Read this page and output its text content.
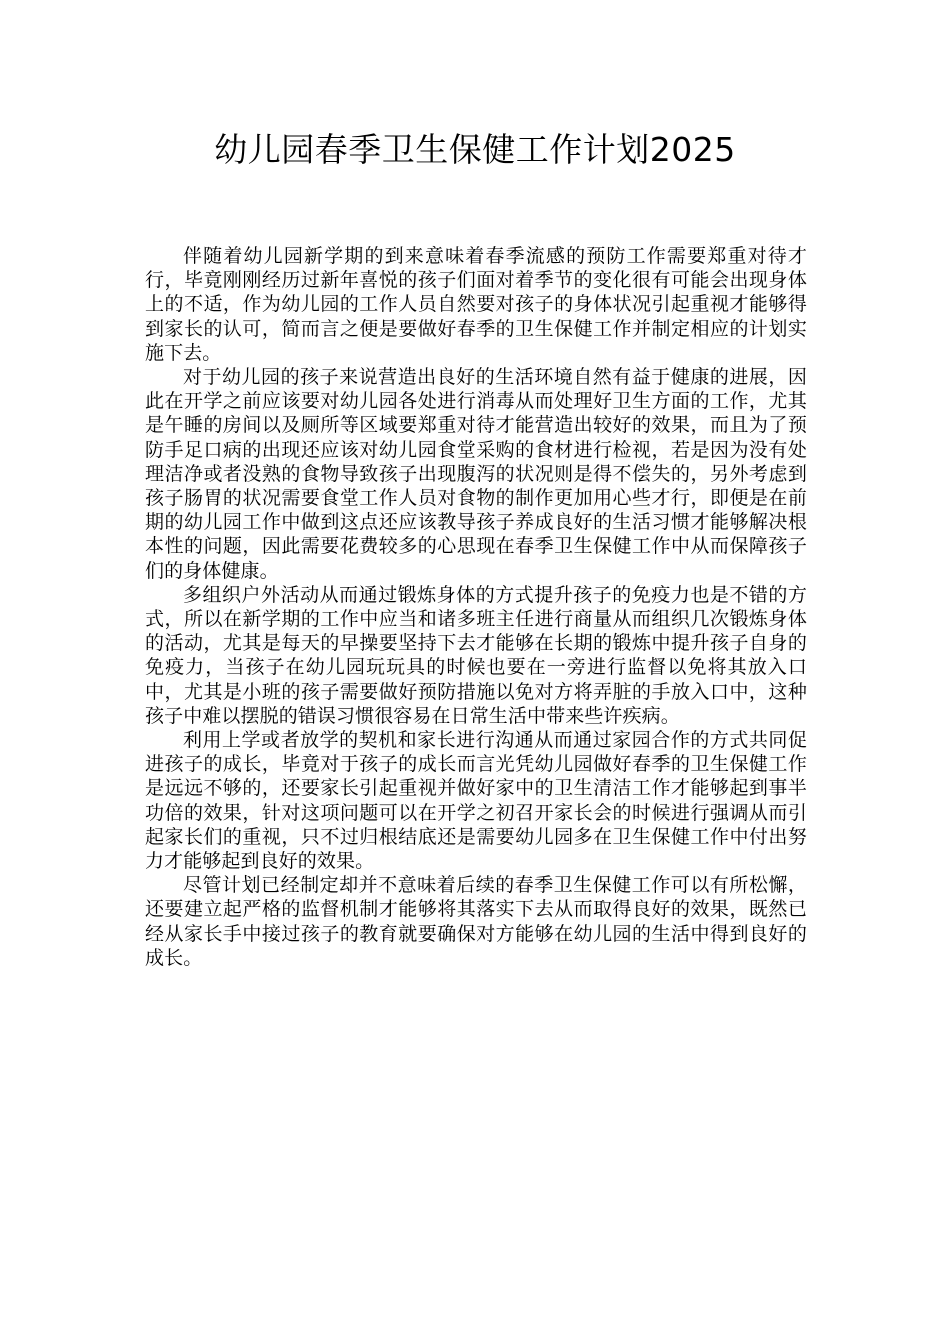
幼儿园春季卫生保健工作计划2025

伴随着幼儿园新学期的到来意味着春季流感的预防工作需要郑重对待才行，毕竟刚刚经历过新年喜悦的孩子们面对着季节的变化很有可能会出现身体上的不适，作为幼儿园的工作人员自然要对孩子的身体状况引起重视才能够得到家长的认可，简而言之便是要做好春季的卫生保健工作并制定相应的计划实施下去。

对于幼儿园的孩子来说营造出良好的生活环境自然有益于健康的进展，因此在开学之前应该要对幼儿园各处进行消毒从而处理好卫生方面的工作，尤其是午睡的房间以及厕所等区域要郑重对待才能营造出较好的效果，而且为了预防手足口病的出现还应该对幼儿园食堂采购的食材进行检视，若是因为没有处理洁净或者没熟的食物导致孩子出现腹泻的状况则是得不偿失的，另外考虑到孩子肠胃的状况需要食堂工作人员对食物的制作更加用心些才行，即便是在前期的幼儿园工作中做到这点还应该教导孩子养成良好的生活习惯才能够解决根本性的问题，因此需要花费较多的心思现在春季卫生保健工作中从而保障孩子们的身体健康。

多组织户外活动从而通过锻炼身体的方式提升孩子的免疫力也是不错的方式，所以在新学期的工作中应当和诸多班主任进行商量从而组织几次锻炼身体的活动，尤其是每天的早操要坚持下去才能够在长期的锻炼中提升孩子自身的免疫力，当孩子在幼儿园玩玩具的时候也要在一旁进行监督以免将其放入口中，尤其是小班的孩子需要做好预防措施以免对方将弄脏的手放入口中，这种孩子中难以摆脱的错误习惯很容易在日常生活中带来些许疾病。

利用上学或者放学的契机和家长进行沟通从而通过家园合作的方式共同促进孩子的成长，毕竟对于孩子的成长而言光凭幼儿园做好春季的卫生保健工作是远远不够的，还要家长引起重视并做好家中的卫生清洁工作才能够起到事半功倍的效果，针对这项问题可以在开学之初召开家长会的时候进行强调从而引起家长们的重视，只不过归根结底还是需要幼儿园多在卫生保健工作中付出努力才能够起到良好的效果。

尽管计划已经制定却并不意味着后续的春季卫生保健工作可以有所松懈，还要建立起严格的监督机制才能够将其落实下去从而取得良好的效果，既然已经从家长手中接过孩子的教育就要确保对方能够在幼儿园的生活中得到良好的成长。
